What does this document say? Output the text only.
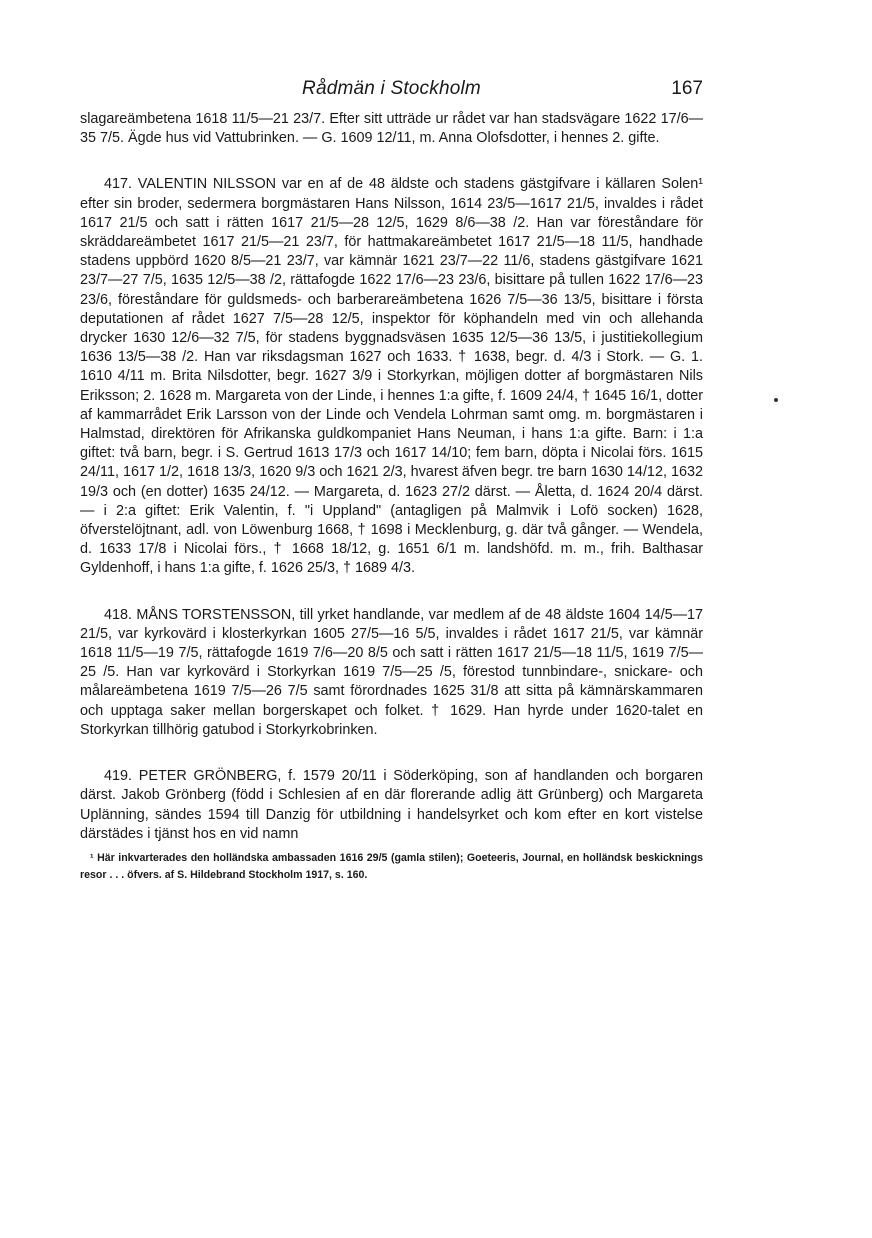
Rådmän i Stockholm	167

slagareämbetena 1618 11/5—21 23/7. Efter sitt utträde ur rådet var han stadsvägare 1622 17/6—35 7/5. Ägde hus vid Vattubrinken. — G. 1609 12/11, m. Anna Olofsdotter, i hennes 2. gifte.

417. VALENTIN NILSSON var en af de 48 äldste och stadens gästgifvare i källaren Solen¹ efter sin broder, sedermera borgmästaren Hans Nilsson, 1614 23/5—1617 21/5, invaldes i rådet 1617 21/5 och satt i rätten 1617 21/5—28 12/5, 1629 8/6—38 /2. Han var föreståndare för skräddareämbetet 1617 21/5—21 23/7, för hattmakareämbetet 1617 21/5—18 11/5, handhade stadens uppbörd 1620 8/5—21 23/7, var kämnär 1621 23/7—22 11/6, stadens gästgifvare 1621 23/7—27 7/5, 1635 12/5—38 /2, rättafogde 1622 17/6—23 23/6, bisittare på tullen 1622 17/6—23 23/6, föreståndare för guldsmeds- och barberareämbetena 1626 7/5—36 13/5, bisittare i första deputationen af rådet 1627 7/5—28 12/5, inspektor för köphandeln med vin och allehanda drycker 1630 12/6—32 7/5, för stadens byggnadsväsen 1635 12/5—36 13/5, i justitiekollegium 1636 13/5—38 /2. Han var riksdagsman 1627 och 1633. † 1638, begr. d. 4/3 i Stork. — G. 1. 1610 4/11 m. Brita Nilsdotter, begr. 1627 3/9 i Storkyrkan, möjligen dotter af borgmästaren Nils Eriksson; 2. 1628 m. Margareta von der Linde, i hennes 1:a gifte, f. 1609 24/4, † 1645 16/1, dotter af kammarrådet Erik Larsson von der Linde och Vendela Lohrman samt omg. m. borgmästaren i Halmstad, direktören för Afrikanska guldkompaniet Hans Neuman, i hans 1:a gifte. Barn: i 1:a giftet: två barn, begr. i S. Gertrud 1613 17/3 och 1617 14/10; fem barn, döpta i Nicolai förs. 1615 24/11, 1617 1/2, 1618 13/3, 1620 9/3 och 1621 2/3, hvarest äfven begr. tre barn 1630 14/12, 1632 19/3 och (en dotter) 1635 24/12. — Margareta, d. 1623 27/2 därst. — Åletta, d. 1624 20/4 därst. — i 2:a giftet: Erik Valentin, f. "i Uppland" (antagligen på Malmvik i Lofö socken) 1628, öfverstelöjtnant, adl. von Löwenburg 1668, † 1698 i Mecklenburg, g. där två gånger. — Wendela, d. 1633 17/8 i Nicolai förs., † 1668 18/12, g. 1651 6/1 m. landshöfd. m. m., frih. Balthasar Gyldenhoff, i hans 1:a gifte, f. 1626 25/3, † 1689 4/3.

418. MÅNS TORSTENSSON, till yrket handlande, var medlem af de 48 äldste 1604 14/5—17 21/5, var kyrkovärd i klosterkyrkan 1605 27/5—16 5/5, invaldes i rådet 1617 21/5, var kämnär 1618 11/5—19 7/5, rättafogde 1619 7/6—20 8/5 och satt i rätten 1617 21/5—18 11/5, 1619 7/5—25 /5. Han var kyrkovärd i Storkyrkan 1619 7/5—25 /5, förestod tunnbindare-, snickare- och målareämbetena 1619 7/5—26 7/5 samt förordnades 1625 31/8 att sitta på kämnärskammaren och upptaga saker mellan borgerskapet och folket. † 1629. Han hyrde under 1620-talet en Storkyrkan tillhörig gatubod i Storkyrkobrinken.

419. PETER GRÖNBERG, f. 1579 20/11 i Söderköping, son af handlanden och borgaren därst. Jakob Grönberg (född i Schlesien af en där florerande adlig ätt Grünberg) och Margareta Uplänning, sändes 1594 till Danzig för utbildning i handelsyrket och kom efter en kort vistelse därstädes i tjänst hos en vid namn

¹ Här inkvarterades den holländska ambassaden 1616 29/5 (gamla stilen); Goeteeris, Journal, en holländsk beskicknings resor . . . öfvers. af S. Hildebrand Stockholm 1917, s. 160.
